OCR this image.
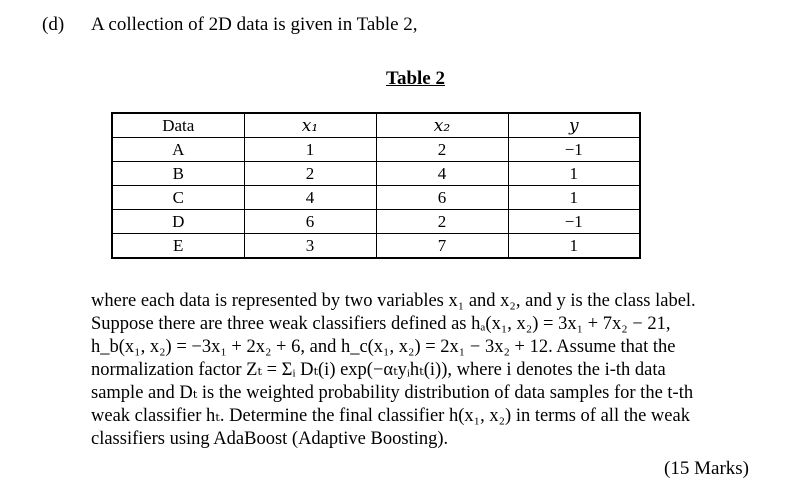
(d) A collection of 2D data is given in Table 2,
Table 2
Data	x₁	x₂	y
A	1	2	−1
B	2	4	1
C	4	6	1
D	6	2	−1
E	3	7	1

where each data is represented by two variables x₁ and x₂, and y is the class label.

Suppose there are three weak classifiers defined as hₐ(x₁, x₂) = 3x₁ + 7x₂ − 21,

h_b(x₁, x₂) = −3x₁ + 2x₂ + 6, and h_c(x₁, x₂) = 2x₁ − 3x₂ + 12. Assume that the

normalization factor Zₜ = Σᵢ Dₜ(i) exp(−αₜyᵢhₜ(i)), where i denotes the i-th data

sample and Dₜ is the weighted probability distribution of data samples for the t-th

weak classifier hₜ. Determine the final classifier h(x₁, x₂) in terms of all the weak

classifiers using AdaBoost (Adaptive Boosting).

(15 Marks)
